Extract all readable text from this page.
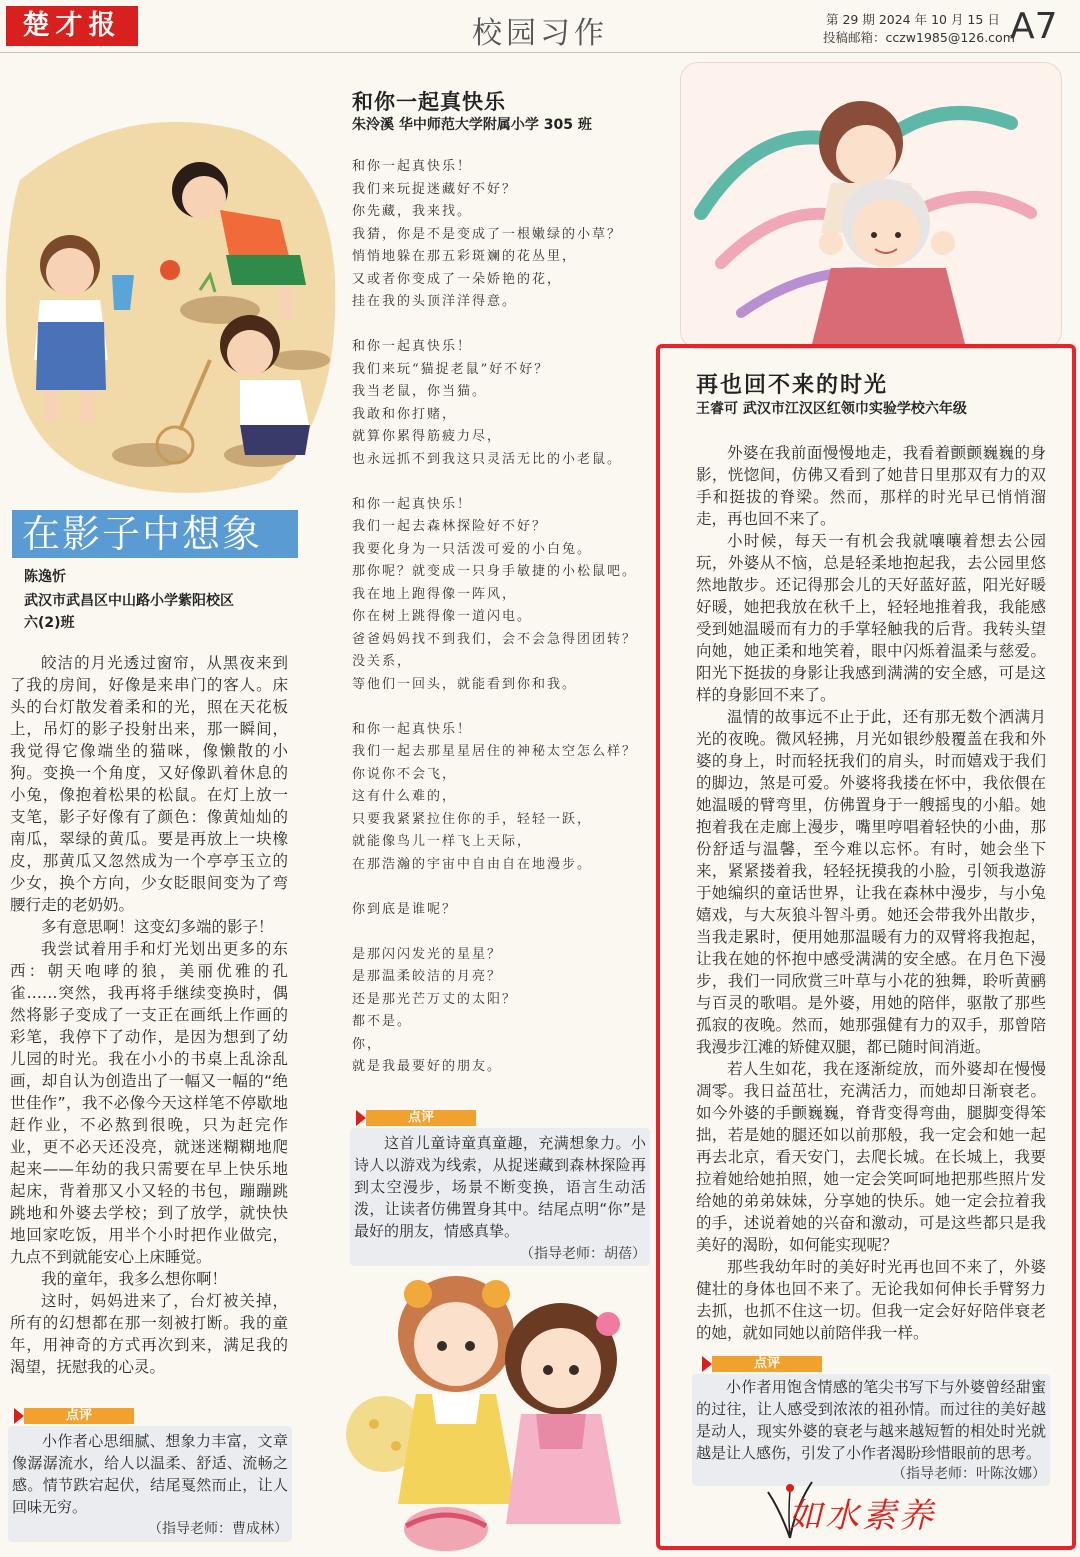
楚才报	校园习作	第 29 期 2024 年 10 月 15 日
投稿邮箱：cczw1985@126.com
A7
在影子中想象
陈逸忻
武汉市武昌区中山路小学紫阳校区
六(2)班

皎洁的月光透过窗帘，从黑夜来到了我的房间，好像是来串门的客人。床头的台灯散发着柔和的光，照在天花板上，吊灯的影子投射出来，那一瞬间，我觉得它像端坐的猫咪，像懒散的小狗。变换一个角度，又好像趴着休息的小兔，像抱着松果的松鼠。在灯上放一支笔，影子好像有了颜色：像黄灿灿的南瓜，翠绿的黄瓜。要是再放上一块橡皮，那黄瓜又忽然成为一个亭亭玉立的少女，换个方向，少女眨眼间变为了弯腰行走的老奶奶。

多有意思啊！这变幻多端的影子！

我尝试着用手和灯光划出更多的东西：朝天咆哮的狼，美丽优雅的孔雀……突然，我再将手继续变换时，偶然将影子变成了一支正在画纸上作画的彩笔，我停下了动作，是因为想到了幼儿园的时光。我在小小的书桌上乱涂乱画，却自认为创造出了一幅又一幅的“绝世佳作”，我不必像今天这样笔不停歇地赶作业，不必熬到很晚，只为赶完作业，更不必天还没亮，就迷迷糊糊地爬起来——年幼的我只需要在早上快乐地起床，背着那又小又轻的书包，蹦蹦跳跳地和外婆去学校；到了放学，就快快地回家吃饭，用半个小时把作业做完，九点不到就能安心上床睡觉。

我的童年，我多么想你啊！

这时，妈妈进来了，台灯被关掉，所有的幻想都在那一刻被打断。我的童年，用神奇的方式再次到来，满足我的渴望，抚慰我的心灵。

点评

小作者心思细腻、想象力丰富，文章像潺潺流水，给人以温柔、舒适、流畅之感。情节跌宕起伏，结尾戛然而止，让人回味无穷。

（指导老师：曹成林）
和你一起真快乐
朱泠溪 华中师范大学附属小学 305 班

和你一起真快乐！

我们来玩捉迷藏好不好？

你先藏，我来找。

我猜，你是不是变成了一根嫩绿的小草？

悄悄地躲在那五彩斑斓的花丛里，

又或者你变成了一朵娇艳的花，

挂在我的头顶洋洋得意。

和你一起真快乐！

我们来玩“猫捉老鼠”好不好？

我当老鼠，你当猫。

我敢和你打赌，

就算你累得筋疲力尽，

也永远抓不到我这只灵活无比的小老鼠。

和你一起真快乐！

我们一起去森林探险好不好？

我要化身为一只活泼可爱的小白兔。

那你呢？就变成一只身手敏捷的小松鼠吧。

我在地上跑得像一阵风，

你在树上跳得像一道闪电。

爸爸妈妈找不到我们，会不会急得团团转？

没关系，

等他们一回头，就能看到你和我。

和你一起真快乐！

我们一起去那星星居住的神秘太空怎么样？

你说你不会飞，

这有什么难的，

只要我紧紧拉住你的手，轻轻一跃，

就能像鸟儿一样飞上天际，

在那浩瀚的宇宙中自由自在地漫步。

你到底是谁呢？

是那闪闪发光的星星？

是那温柔皎洁的月亮？

还是那光芒万丈的太阳？

都不是。

你，

就是我最要好的朋友。

点评

这首儿童诗童真童趣，充满想象力。小诗人以游戏为线索，从捉迷藏到森林探险再到太空漫步，场景不断变换，语言生动活泼，让读者仿佛置身其中。结尾点明“你”是最好的朋友，情感真挚。

（指导老师：胡蓓）
再也回不来的时光
王睿可 武汉市江汉区红领巾实验学校六年级

外婆在我前面慢慢地走，我看着颤颤巍巍的身影，恍惚间，仿佛又看到了她昔日里那双有力的双手和挺拔的脊梁。然而，那样的时光早已悄悄溜走，再也回不来了。

小时候，每天一有机会我就嚷嚷着想去公园玩，外婆从不恼，总是轻柔地抱起我，去公园里悠然地散步。还记得那会儿的天好蓝好蓝，阳光好暖好暖，她把我放在秋千上，轻轻地推着我，我能感受到她温暖而有力的手掌轻触我的后背。我转头望向她，她正柔和地笑着，眼中闪烁着温柔与慈爱。阳光下挺拔的身影让我感到满满的安全感，可是这样的身影回不来了。

温情的故事远不止于此，还有那无数个洒满月光的夜晚。微风轻拂，月光如银纱般覆盖在我和外婆的身上，时而轻抚我们的肩头，时而嬉戏于我们的脚边，煞是可爱。外婆将我搂在怀中，我依偎在她温暖的臂弯里，仿佛置身于一艘摇曳的小船。她抱着我在走廊上漫步，嘴里哼唱着轻快的小曲，那份舒适与温馨，至今难以忘怀。有时，她会坐下来，紧紧搂着我，轻轻抚摸我的小脸，引领我遨游于她编织的童话世界，让我在森林中漫步，与小兔嬉戏，与大灰狼斗智斗勇。她还会带我外出散步，当我走累时，便用她那温暖有力的双臂将我抱起，让我在她的怀抱中感受满满的安全感。在月色下漫步，我们一同欣赏三叶草与小花的独舞，聆听黄鹂与百灵的歌唱。是外婆，用她的陪伴，驱散了那些孤寂的夜晚。然而，她那强健有力的双手，那曾陪我漫步江滩的矫健双腿，都已随时间消逝。

若人生如花，我在逐渐绽放，而外婆却在慢慢凋零。我日益茁壮，充满活力，而她却日渐衰老。如今外婆的手颤巍巍，脊背变得弯曲，腿脚变得笨拙，若是她的腿还如以前那般，我一定会和她一起再去北京，看天安门，去爬长城。在长城上，我要拉着她给她拍照，她一定会笑呵呵地把那些照片发给她的弟弟妹妹，分享她的快乐。她一定会拉着我的手，述说着她的兴奋和激动，可是这些都只是我美好的渴盼，如何能实现呢？

那些我幼年时的美好时光再也回不来了，外婆健壮的身体也回不来了。无论我如何伸长手臂努力去抓，也抓不住这一切。但我一定会好好陪伴衰老的她，就如同她以前陪伴我一样。

点评

小作者用饱含情感的笔尖书写下与外婆曾经甜蜜的过往，让人感受到浓浓的祖孙情。而过往的美好越是动人，现实外婆的衰老与越来越短暂的相处时光就越是让人感伤，引发了小作者渴盼珍惜眼前的思考。

（指导老师：叶陈汝娜）
如水素养
